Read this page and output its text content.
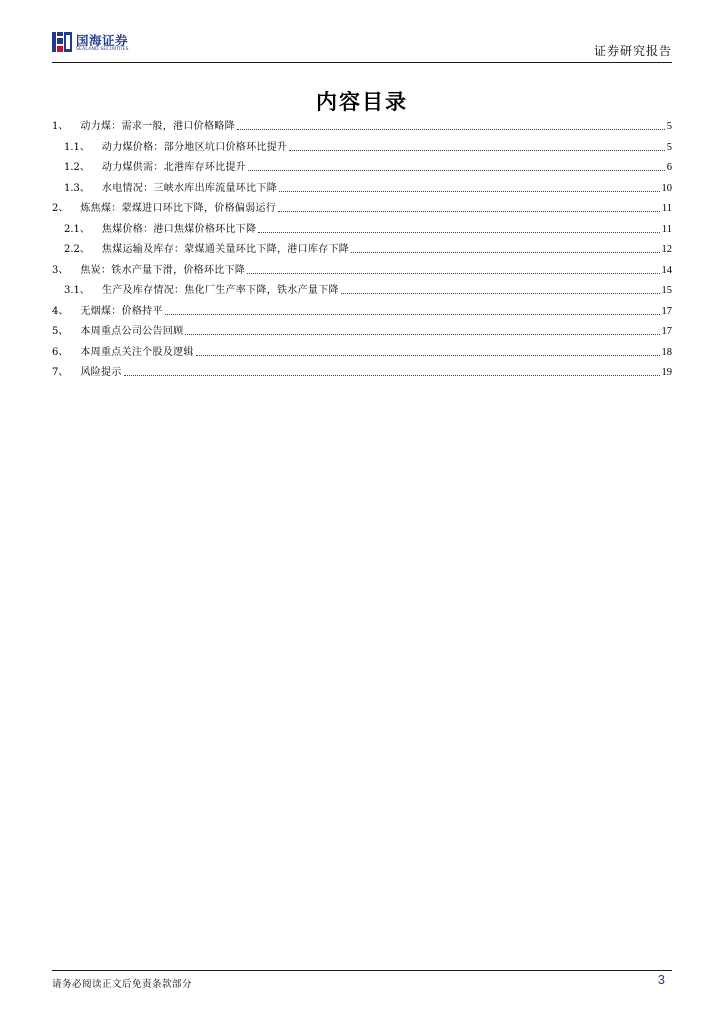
国海证券
SEALAND SECURITIES	证券研究报告
内容目录
1、 动力煤：需求一般，港口价格略降	5
1.1、 动力煤价格：部分地区坑口价格环比提升	5
1.2、 动力煤供需：北港库存环比提升	6
1.3、 水电情况：三峡水库出库流量环比下降	10
2、 炼焦煤：蒙煤进口环比下降，价格偏弱运行	11
2.1、 焦煤价格：港口焦煤价格环比下降	11
2.2、 焦煤运输及库存：蒙煤通关量环比下降，港口库存下降	12
3、 焦炭：铁水产量下滑，价格环比下降	14
3.1、 生产及库存情况：焦化厂生产率下降，铁水产量下降	15
4、 无烟煤：价格持平	17
5、 本周重点公司公告回顾	17
6、 本周重点关注个股及逻辑	18
7、 风险提示	19
请务必阅读正文后免责条款部分	3
